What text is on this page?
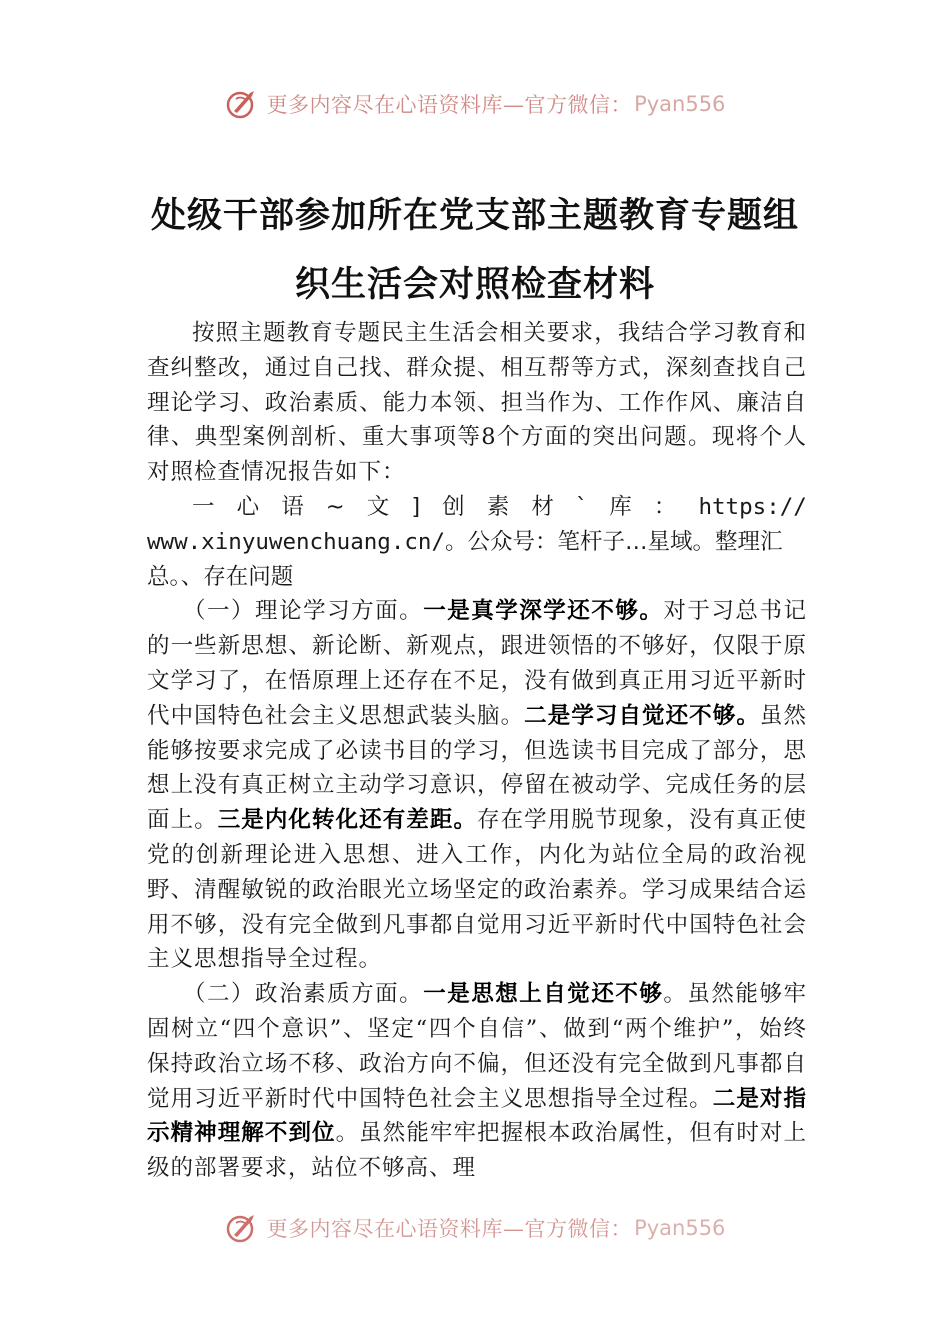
更多内容尽在心语资料库—官方微信： Pyan556
处级干部参加所在党支部主题教育专题组
织生活会对照检查材料

按照主题教育专题民主生活会相关要求，我结合学习教育和查纠整改，通过自己找、群众提、相互帮等方式，深刻查找自己理论学习、政治素质、能力本领、担当作为、工作作风、廉洁自律、典型案例剖析、重大事项等8个方面的突出问题。现将个人对照检查情况报告如下：

一 心 语 ~ 文 ] 创 素 材 ` 库 ： https://

www.xinyuwenchuang.cn/。公众号：笔杆子…星域。整理汇

总。、存在问题

（一）理论学习方面。一是真学深学还不够。对于习总书记的一些新思想、新论断、新观点，跟进领悟的不够好，仅限于原文学习了，在悟原理上还存在不足，没有做到真正用习近平新时代中国特色社会主义思想武装头脑。二是学习自觉还不够。虽然能够按要求完成了必读书目的学习，但选读书目完成了部分，思想上没有真正树立主动学习意识，停留在被动学、完成任务的层面上。三是内化转化还有差距。存在学用脱节现象，没有真正使党的创新理论进入思想、进入工作，内化为站位全局的政治视野、清醒敏锐的政治眼光立场坚定的政治素养。学习成果结合运用不够，没有完全做到凡事都自觉用习近平新时代中国特色社会主义思想指导全过程。

（二）政治素质方面。一是思想上自觉还不够。虽然能够牢固树立“四个意识”、坚定“四个自信”、做到“两个维护”，始终保持政治立场不移、政治方向不偏，但还没有完全做到凡事都自觉用习近平新时代中国特色社会主义思想指导全过程。二是对指示精神理解不到位。虽然能牢牢把握根本政治属性，但有时对上级的部署要求，站位不够高、理

更多内容尽在心语资料库—官方微信： Pyan556
